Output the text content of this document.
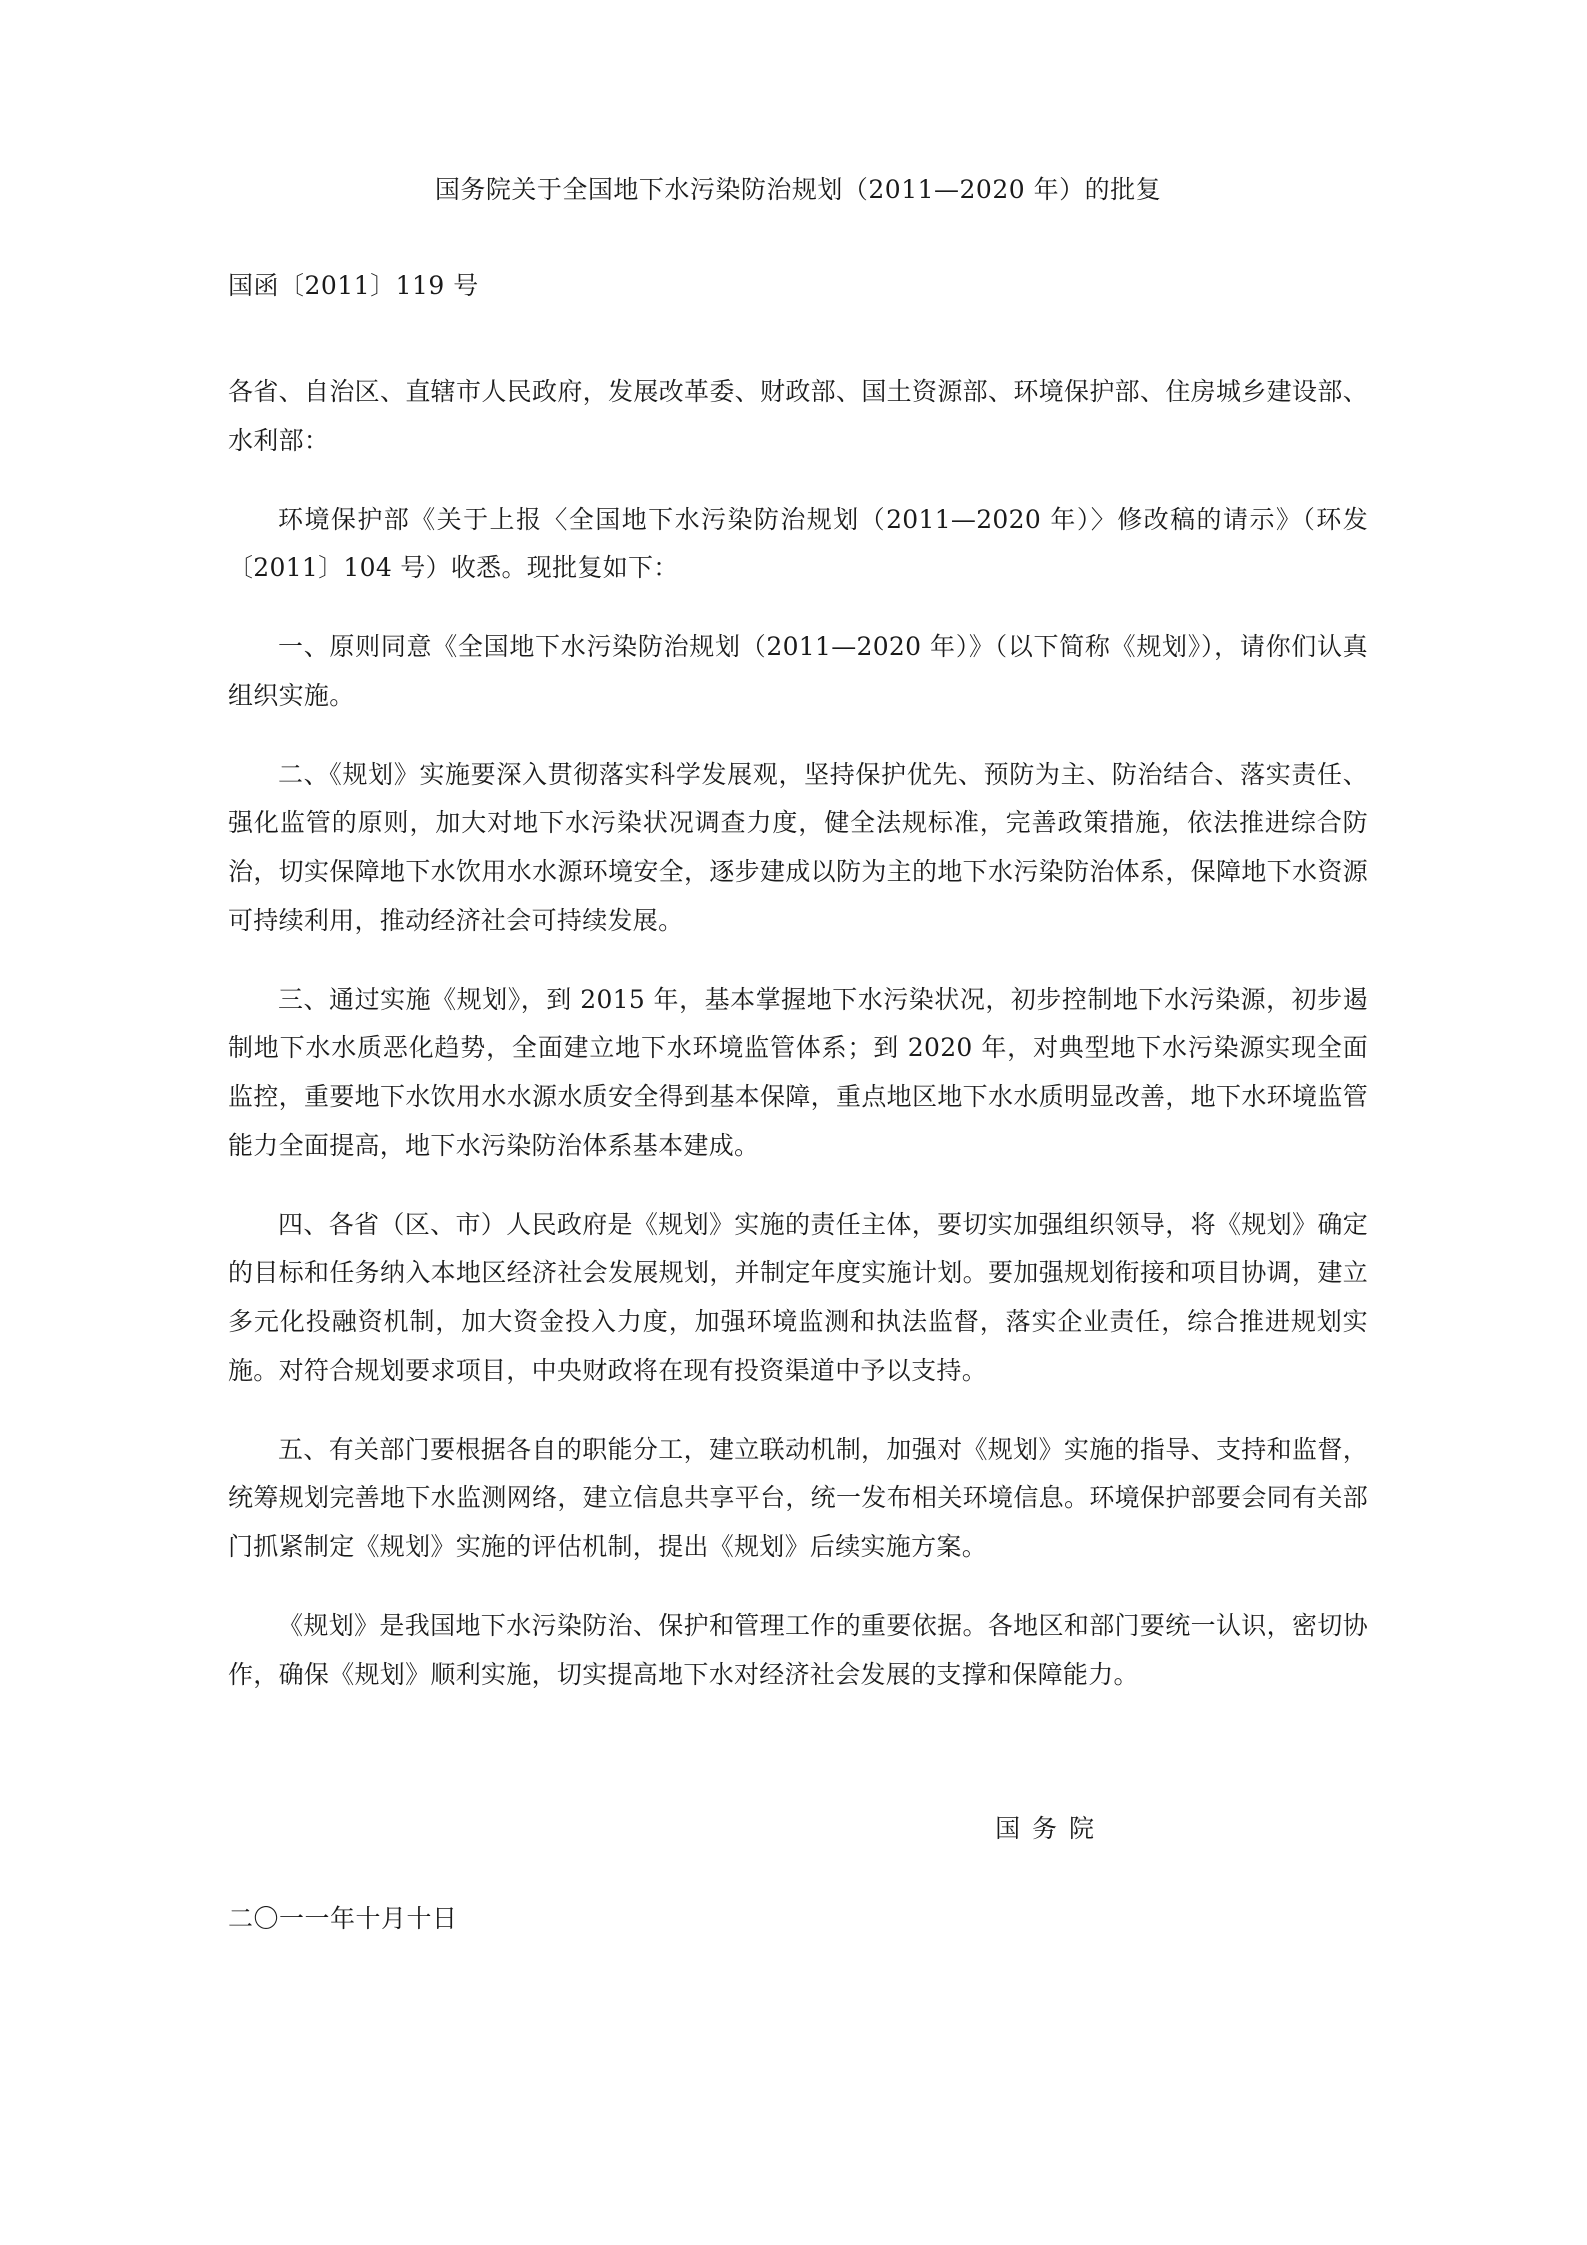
国务院关于全国地下水污染防治规划（2011—2020 年）的批复
国函〔2011〕119 号
各省、自治区、直辖市人民政府，发展改革委、财政部、国土资源部、环境保护部、住房城乡建设部、水利部：

环境保护部《关于上报〈全国地下水污染防治规划（2011—2020 年）〉修改稿的请示》（环发〔2011〕104 号）收悉。现批复如下：

一、原则同意《全国地下水污染防治规划（2011—2020 年）》（以下简称《规划》），请你们认真组织实施。

二、《规划》实施要深入贯彻落实科学发展观，坚持保护优先、预防为主、防治结合、落实责任、强化监管的原则，加大对地下水污染状况调查力度，健全法规标准，完善政策措施，依法推进综合防治，切实保障地下水饮用水水源环境安全，逐步建成以防为主的地下水污染防治体系，保障地下水资源可持续利用，推动经济社会可持续发展。

三、通过实施《规划》，到 2015 年，基本掌握地下水污染状况，初步控制地下水污染源，初步遏制地下水水质恶化趋势，全面建立地下水环境监管体系；到 2020 年，对典型地下水污染源实现全面监控，重要地下水饮用水水源水质安全得到基本保障，重点地区地下水水质明显改善，地下水环境监管能力全面提高，地下水污染防治体系基本建成。

四、各省（区、市）人民政府是《规划》实施的责任主体，要切实加强组织领导，将《规划》确定的目标和任务纳入本地区经济社会发展规划，并制定年度实施计划。要加强规划衔接和项目协调，建立多元化投融资机制，加大资金投入力度，加强环境监测和执法监督，落实企业责任，综合推进规划实施。对符合规划要求项目，中央财政将在现有投资渠道中予以支持。

五、有关部门要根据各自的职能分工，建立联动机制，加强对《规划》实施的指导、支持和监督，统筹规划完善地下水监测网络，建立信息共享平台，统一发布相关环境信息。环境保护部要会同有关部门抓紧制定《规划》实施的评估机制，提出《规划》后续实施方案。

《规划》是我国地下水污染防治、保护和管理工作的重要依据。各地区和部门要统一认识，密切协作，确保《规划》顺利实施，切实提高地下水对经济社会发展的支撑和保障能力。

国 务 院
二〇一一年十月十日
